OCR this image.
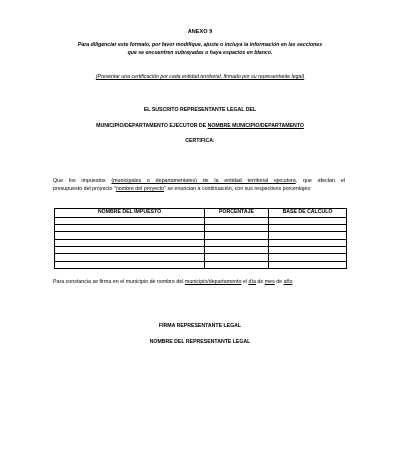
ANEXO 9
Para diligenciar este formato, por favor modifique, ajuste o incluya la información en las secciones
que se encuentren subrayadas o haya espacios en blanco.
(Presentar una certificación por cada entidad territorial, firmado por su representante legal)
EL SUSCRITO REPRESENTANTE LEGAL DEL
MUNICIPIO/DEPARTAMENTO EJECUTOR DE NOMBRE MUNICIPIO/DEPARTAMENTO
CERTIFICA:
Que los impuestos (municipales o departamentales) de la entidad territorial ejecutora, que afectan el
presupuesto del proyecto "nombre del proyecto" se enuncian a continuación, con sus respectivos porcentajes:
NOMBRE DEL IMPUESTO	PORCENTAJE	BASE DE CALCULO

Para constancia se firma en el municipio de nombre del municipio/departamento el día de mes de año
FIRMA REPRESENTANTE LEGAL
NOMBRE DEL REPRESENTANTE LEGAL
